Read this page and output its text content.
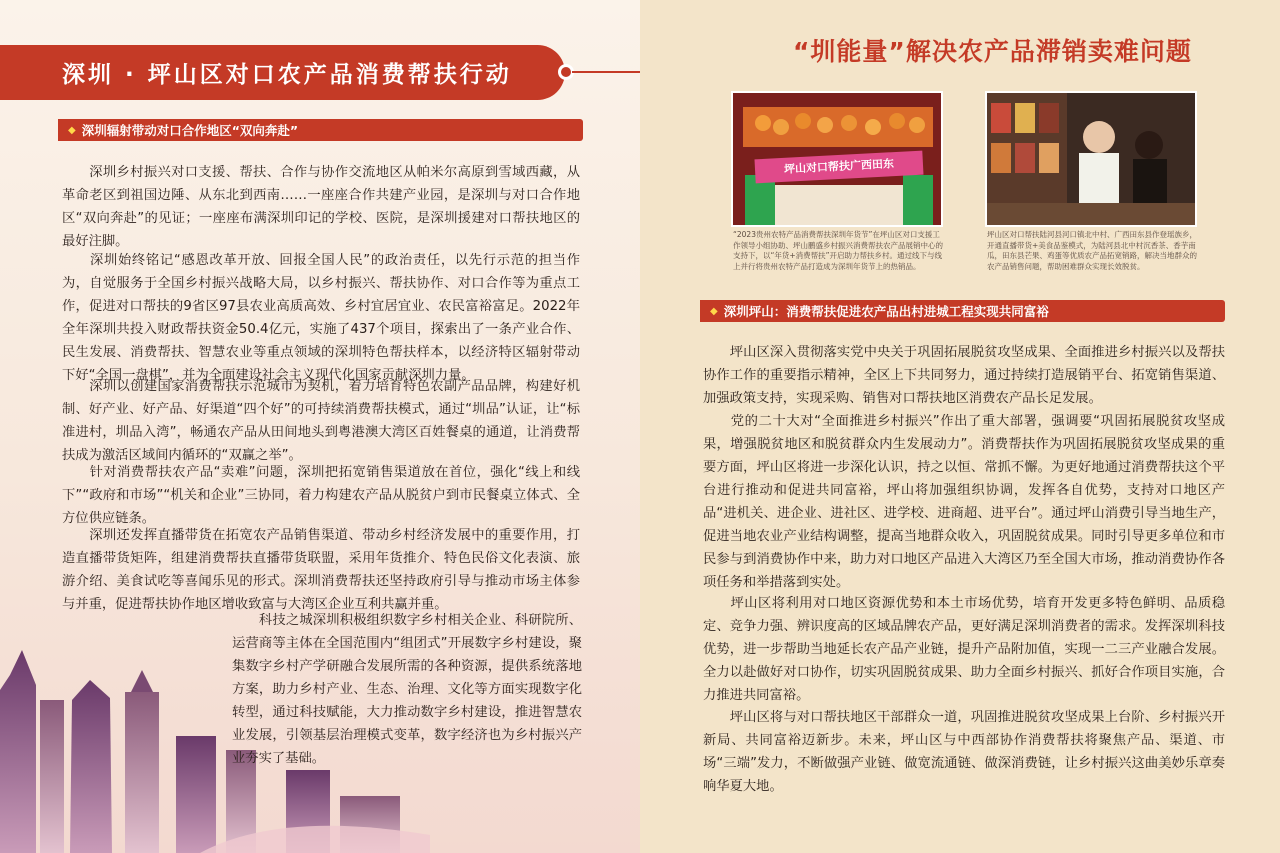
深圳 · 坪山区对口农产品消费帮扶行动
◆ 深圳辐射带动对口合作地区“双向奔赴”

　　深圳乡村振兴对口支援、帮扶、合作与协作交流地区从帕米尔高原到雪域西藏，从革命老区到祖国边陲、从东北到西南……一座座合作共建产业园，是深圳与对口合作地区“双向奔赴”的见证；一座座布满深圳印记的学校、医院，是深圳援建对口帮扶地区的最好注脚。

　　深圳始终铭记“感恩改革开放、回报全国人民”的政治责任，以先行示范的担当作为，自觉服务于全国乡村振兴战略大局，以乡村振兴、帮扶协作、对口合作等为重点工作，促进对口帮扶的9省区97县农业高质高效、乡村宜居宜业、农民富裕富足。2022年全年深圳共投入财政帮扶资金50.4亿元，实施了437个项目，探索出了一条产业合作、民生发展、消费帮扶、智慧农业等重点领域的深圳特色帮扶样本，以经济特区辐射带动下好“全国一盘棋”，并为全面建设社会主义现代化国家贡献深圳力量。

　　深圳以创建国家消费帮扶示范城市为契机，着力培育特色农副产品品牌，构建好机制、好产业、好产品、好渠道“四个好”的可持续消费帮扶模式，通过“圳品”认证，让“标准进村，圳品入湾”，畅通农产品从田间地头到粤港澳大湾区百姓餐桌的通道，让消费帮扶成为激活区域间内循环的“双赢之举”。

　　针对消费帮扶农产品“卖难”问题，深圳把拓宽销售渠道放在首位，强化“线上和线下”“政府和市场”“机关和企业”三协同，着力构建农产品从脱贫户到市民餐桌立体式、全方位供应链条。

　　深圳还发挥直播带货在拓宽农产品销售渠道、带动乡村经济发展中的重要作用，打造直播带货矩阵，组建消费帮扶直播带货联盟，采用年货推介、特色民俗文化表演、旅游介绍、美食试吃等喜闻乐见的形式。深圳消费帮扶还坚持政府引导与推动市场主体参与并重，促进帮扶协作地区增收致富与大湾区企业互利共赢并重。

　　科技之城深圳积极组织数字乡村相关企业、科研院所、运营商等主体在全国范围内“组团式”开展数字乡村建设，聚集数字乡村产学研融合发展所需的各种资源，提供系统落地方案，助力乡村产业、生态、治理、文化等方面实现数字化转型，通过科技赋能，大力推动数字乡村建设，推进智慧农业发展，引领基层治理模式变革，数字经济也为乡村振兴产业夯实了基础。

“圳能量”解决农产品滞销卖难问题
坪山对口帮扶广西田东

“2023贵州农特产品消费帮扶深圳年货节”在坪山区对口支援工作领导小组协助、坪山鹏盛乡村振兴消费帮扶农产品展销中心的支持下，以“年货+消费帮扶”开启助力帮扶乡村。通过线下与线上并行将贵州农特产品打造成为深圳年货节上的热销品。

坪山区对口帮扶陆河县河口镇北中村、广西田东县作登瑶族乡，开通直播带货+美食品鉴模式，为陆河县北中村沉香茶、香芋南瓜，田东县芒果、鸡蛋等优质农产品拓宽销路，解决当地群众的农产品销售问题，帮助困难群众实现长效脱贫。

◆ 深圳坪山：消费帮扶促进农产品出村进城工程实现共同富裕

　　坪山区深入贯彻落实党中央关于巩固拓展脱贫攻坚成果、全面推进乡村振兴以及帮扶协作工作的重要指示精神，全区上下共同努力，通过持续打造展销平台、拓宽销售渠道、加强政策支持，实现采购、销售对口帮扶地区消费农产品长足发展。

　　党的二十大对“全面推进乡村振兴”作出了重大部署，强调要“巩固拓展脱贫攻坚成果，增强脱贫地区和脱贫群众内生发展动力”。消费帮扶作为巩固拓展脱贫攻坚成果的重要方面，坪山区将进一步深化认识，持之以恒、常抓不懈。为更好地通过消费帮扶这个平台进行推动和促进共同富裕，坪山将加强组织协调，发挥各自优势，支持对口地区产品“进机关、进企业、进社区、进学校、进商超、进平台”。通过坪山消费引导当地生产，促进当地农业产业结构调整，提高当地群众收入，巩固脱贫成果。同时引导更多单位和市民参与到消费协作中来，助力对口地区产品进入大湾区乃至全国大市场，推动消费协作各项任务和举措落到实处。

　　坪山区将利用对口地区资源优势和本土市场优势，培育开发更多特色鲜明、品质稳定、竞争力强、辨识度高的区域品牌农产品，更好满足深圳消费者的需求。发挥深圳科技优势，进一步帮助当地延长农产品产业链，提升产品附加值，实现一二三产业融合发展。全力以赴做好对口协作，切实巩固脱贫成果、助力全面乡村振兴、抓好合作项目实施，合力推进共同富裕。

　　坪山区将与对口帮扶地区干部群众一道，巩固推进脱贫攻坚成果上台阶、乡村振兴开新局、共同富裕迈新步。未来，坪山区与中西部协作消费帮扶将聚焦产品、渠道、市场“三端”发力，不断做强产业链、做宽流通链、做深消费链，让乡村振兴这曲美妙乐章奏响华夏大地。
